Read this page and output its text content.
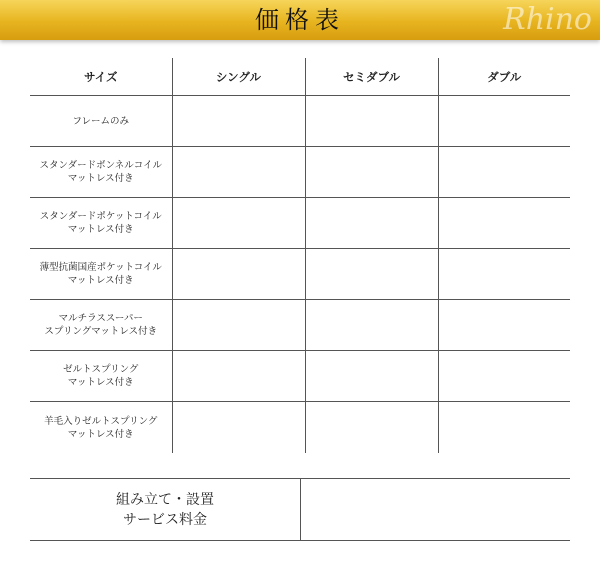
価格表	Rhino
サイズ	シングル	セミダブル	ダブル

フレームのみ			

スタンダードボンネルコイル
マットレス付き			

スタンダードポケットコイル
マットレス付き			

薄型抗菌国産ポケットコイル
マットレス付き			

マルチラススーパー
スプリングマットレス付き			

ゼルトスプリング
マットレス付き			

羊毛入りゼルトスプリング
マットレス付き			

組み立て・設置
サービス料金
